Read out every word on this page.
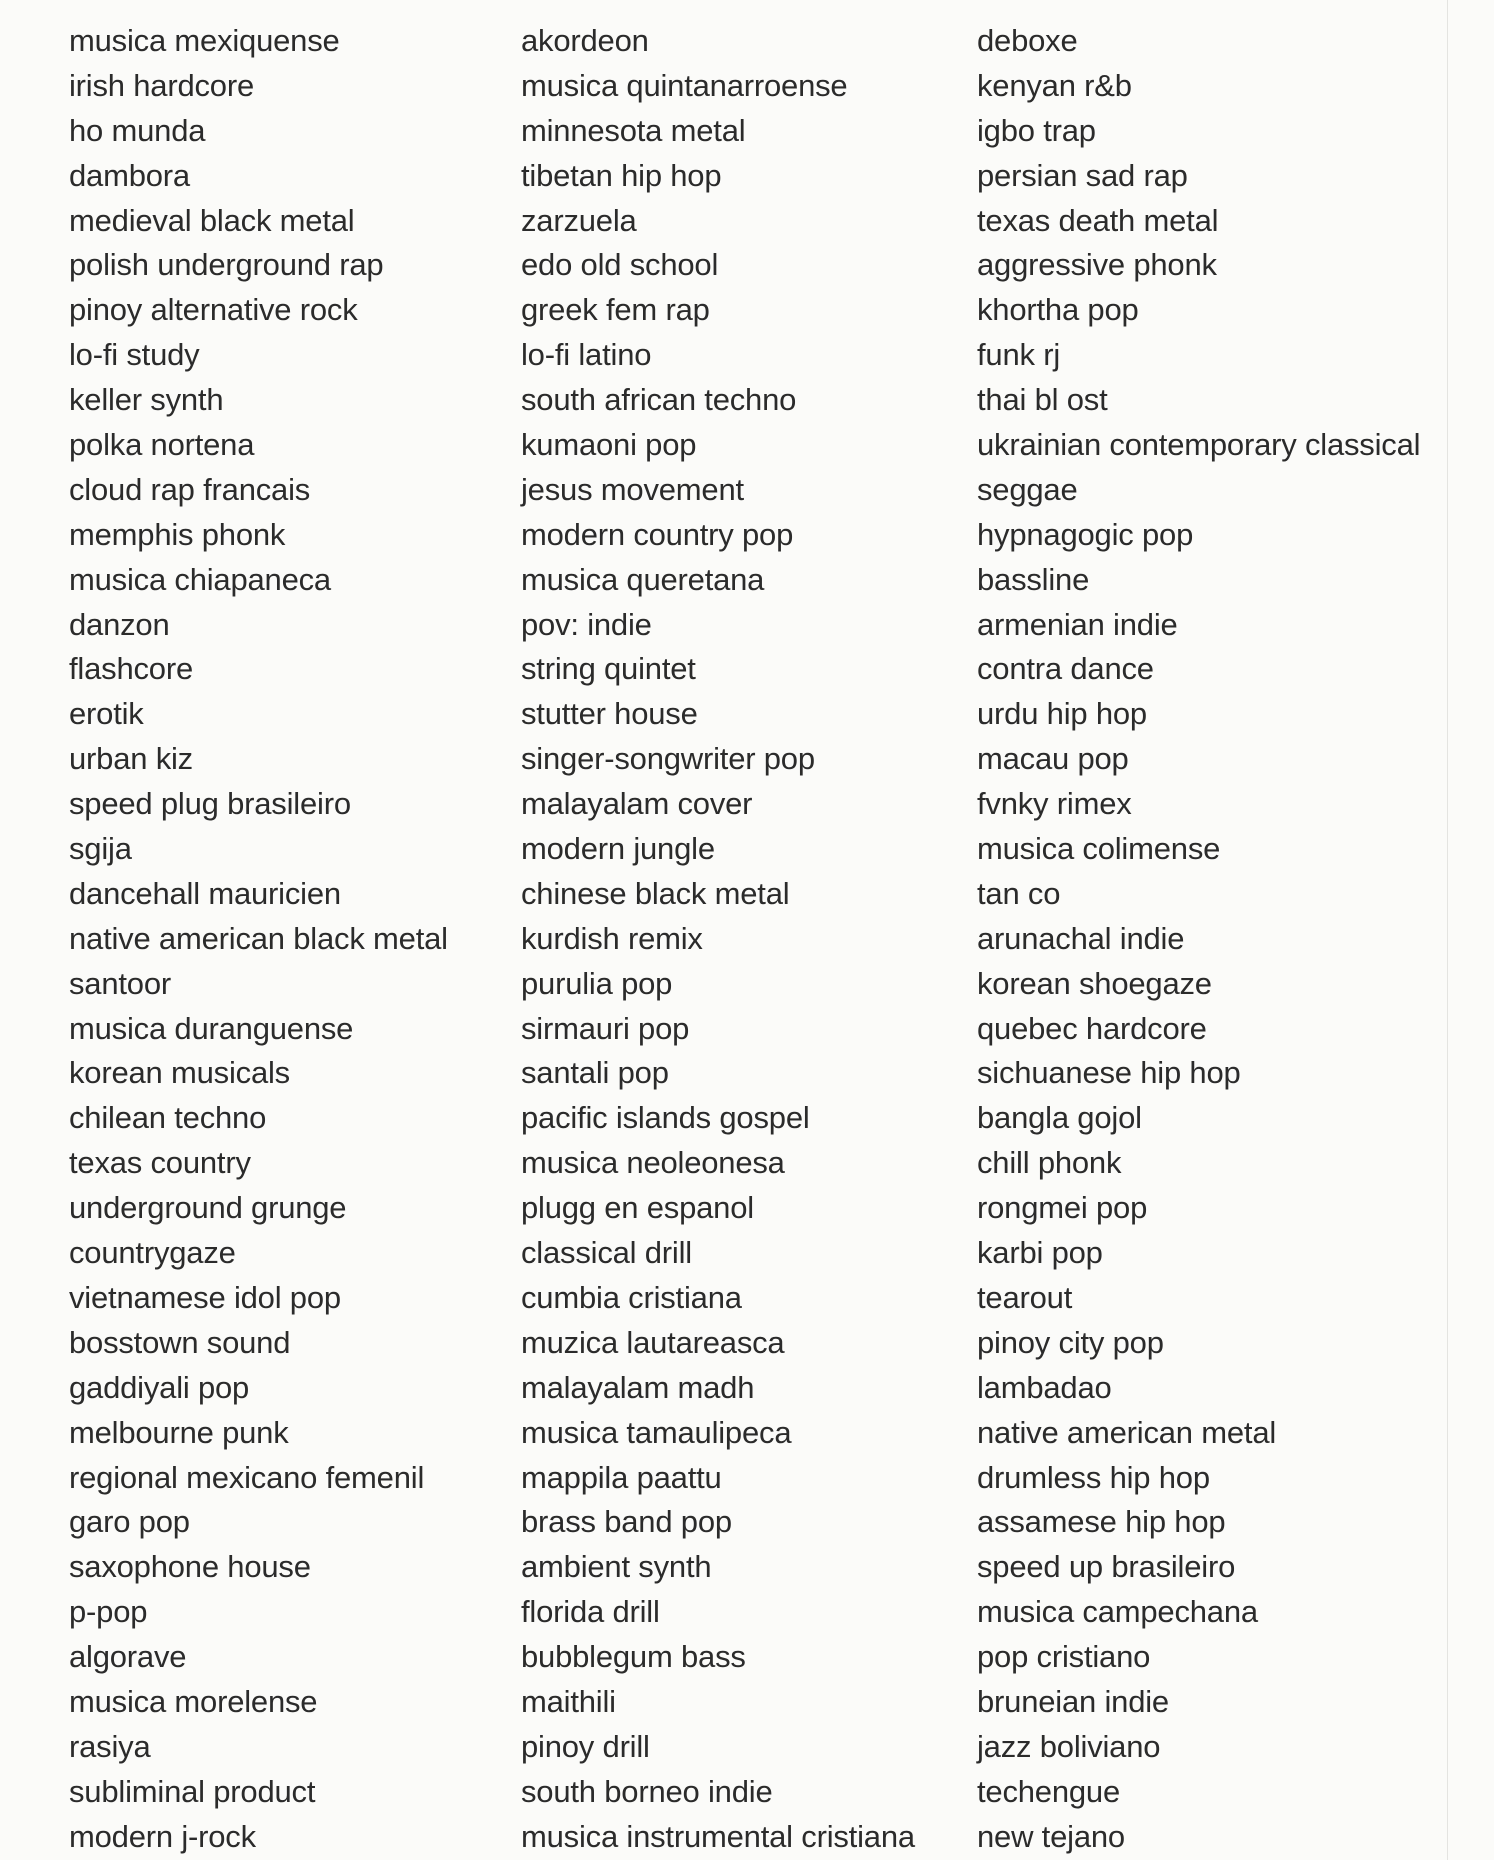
musica mexiquense
irish hardcore
ho munda
dambora
medieval black metal
polish underground rap
pinoy alternative rock
lo-fi study
keller synth
polka nortena
cloud rap francais
memphis phonk
musica chiapaneca
danzon
flashcore
erotik
urban kiz
speed plug brasileiro
sgija
dancehall mauricien
native american black metal
santoor
musica duranguense
korean musicals
chilean techno
texas country
underground grunge
countrygaze
vietnamese idol pop
bosstown sound
gaddiyali pop
melbourne punk
regional mexicano femenil
garo pop
saxophone house
p-pop
algorave
musica morelense
rasiya
subliminal product
modern j-rock
akordeon
musica quintanarroense
minnesota metal
tibetan hip hop
zarzuela
edo old school
greek fem rap
lo-fi latino
south african techno
kumaoni pop
jesus movement
modern country pop
musica queretana
pov: indie
string quintet
stutter house
singer-songwriter pop
malayalam cover
modern jungle
chinese black metal
kurdish remix
purulia pop
sirmauri pop
santali pop
pacific islands gospel
musica neoleonesa
plugg en espanol
classical drill
cumbia cristiana
muzica lautareasca
malayalam madh
musica tamaulipeca
mappila paattu
brass band pop
ambient synth
florida drill
bubblegum bass
maithili
pinoy drill
south borneo indie
musica instrumental cristiana
deboxe
kenyan r&b
igbo trap
persian sad rap
texas death metal
aggressive phonk
khortha pop
funk rj
thai bl ost
ukrainian contemporary classical
seggae
hypnagogic pop
bassline
armenian indie
contra dance
urdu hip hop
macau pop
fvnky rimex
musica colimense
tan co
arunachal indie
korean shoegaze
quebec hardcore
sichuanese hip hop
bangla gojol
chill phonk
rongmei pop
karbi pop
tearout
pinoy city pop
lambadao
native american metal
drumless hip hop
assamese hip hop
speed up brasileiro
musica campechana
pop cristiano
bruneian indie
jazz boliviano
techengue
new tejano
